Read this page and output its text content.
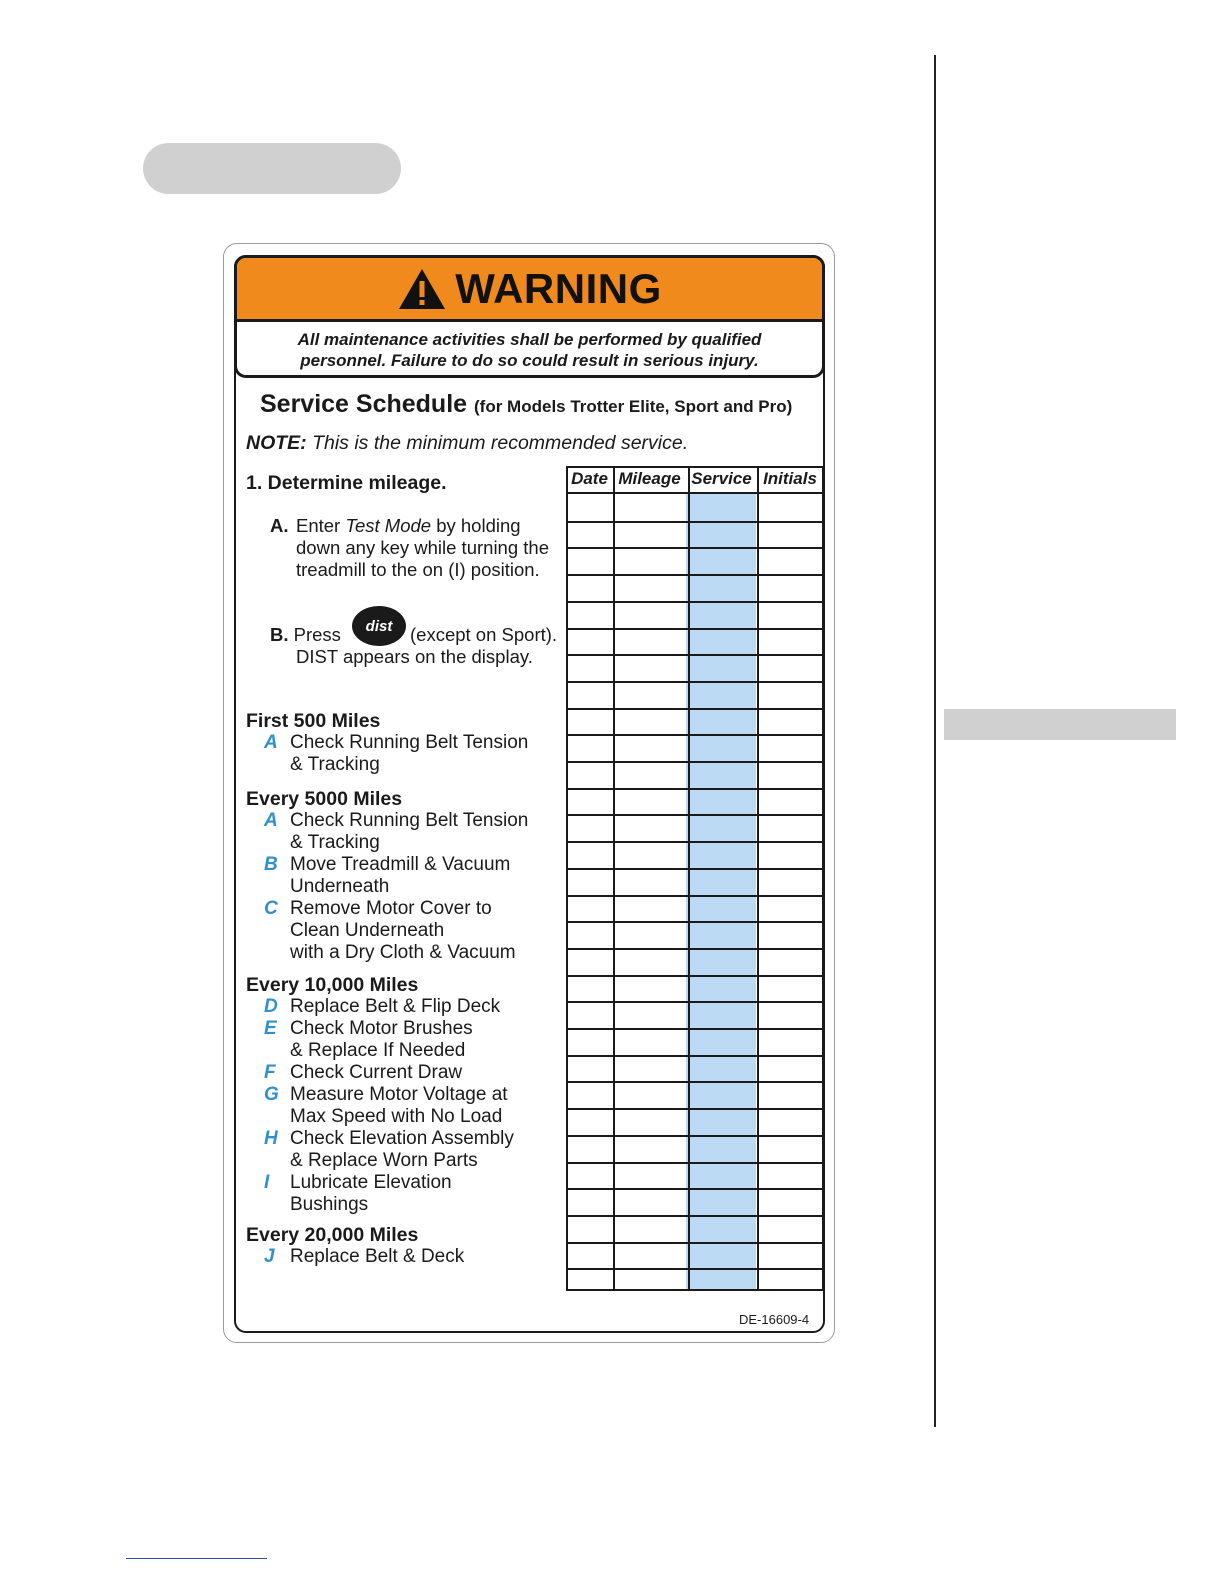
WARNING
All maintenance activities shall be performed by qualified
personnel. Failure to do so could result in serious injury.
Service Schedule (for Models Trotter Elite, Sport and Pro)
NOTE: This is the minimum recommended service.
1. Determine mileage.
A. Enter Test Mode by holding down any key while turning the treadmill to the on (I) position.
B. Press	(except on Sport).
dist
DIST appears on the display.
First 500 Miles
A Check Running Belt Tension
& Tracking
Every 5000 Miles
A Check Running Belt Tension
& Tracking
B Move Treadmill & Vacuum
Underneath
C Remove Motor Cover to
Clean Underneath
with a Dry Cloth & Vacuum
Every 10,000 Miles
D Replace Belt & Flip Deck
E Check Motor Brushes
& Replace If Needed
F Check Current Draw
G Measure Motor Voltage at
Max Speed with No Load
H Check Elevation Assembly
& Replace Worn Parts
I Lubricate Elevation
Bushings
Every 20,000 Miles
J Replace Belt & Deck
Date Mileage Service Initials
DE-16609-4
